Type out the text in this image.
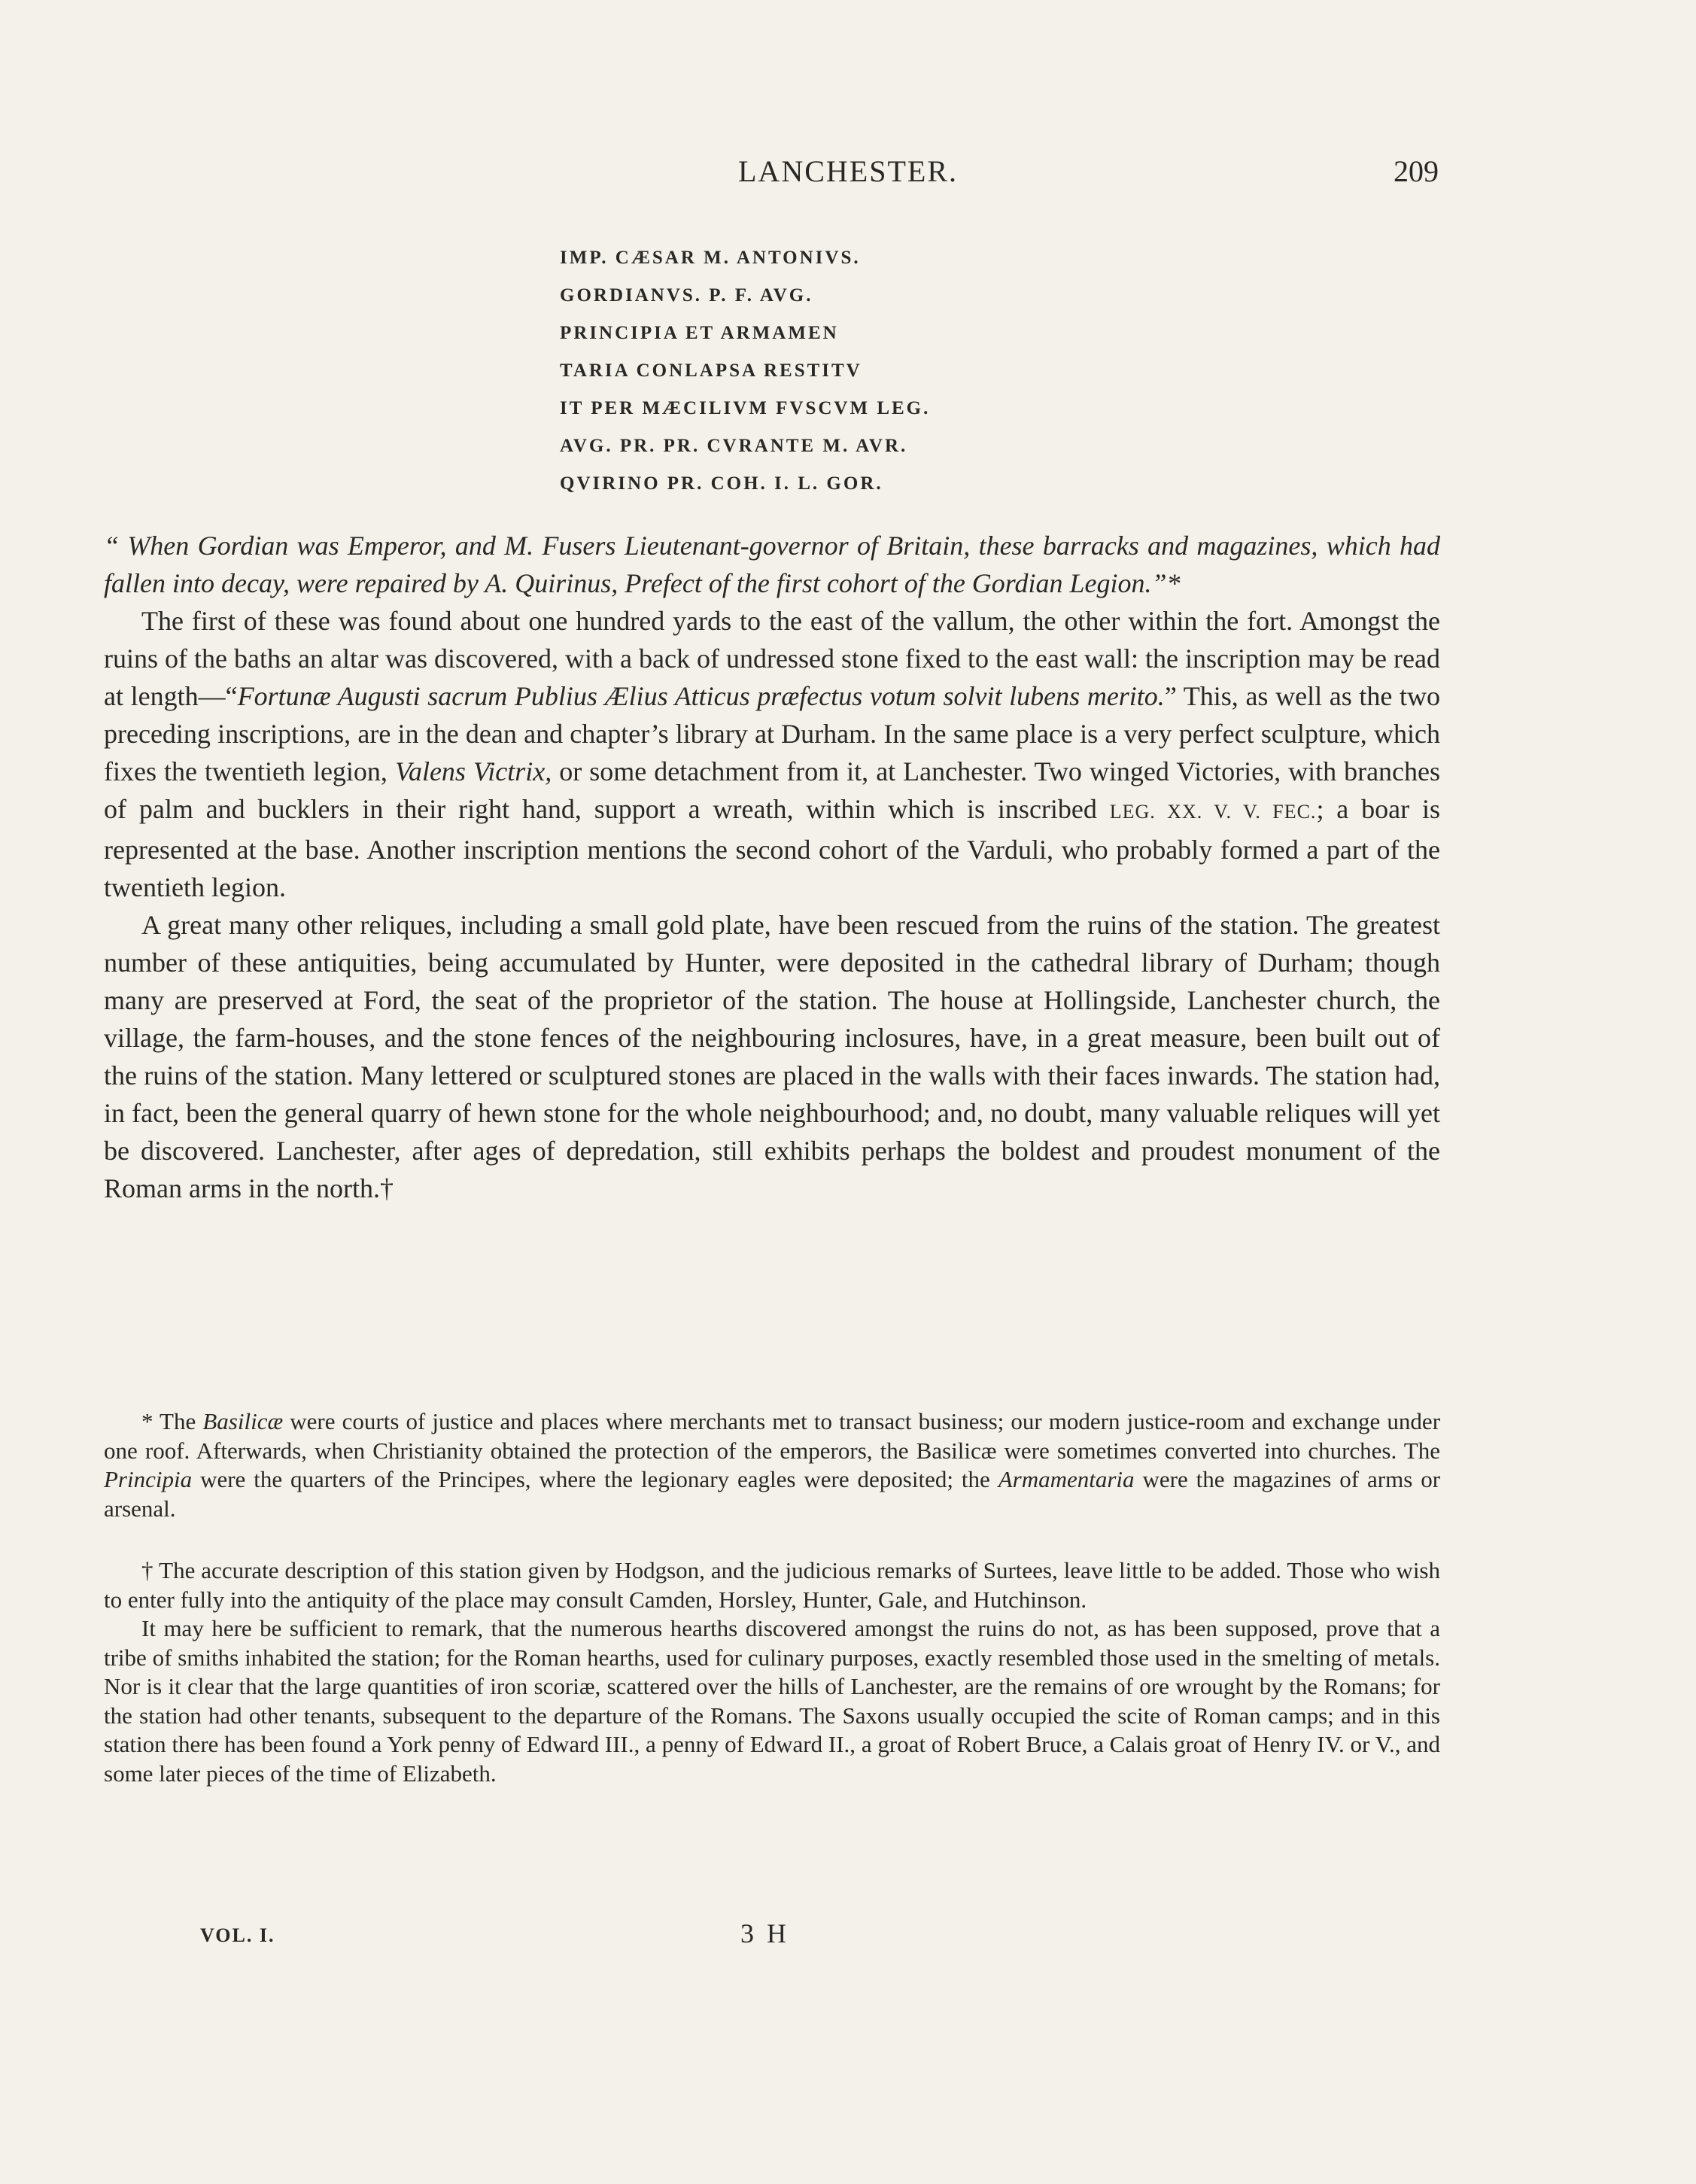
LANCHESTER.	209
IMP. CÆSAR M. ANTONIVS.
GORDIANVS. P. F. AVG.
PRINCIPIA ET ARMAMEN
TARIA CONLAPSA RESTITV
IT PER MÆCILIVM FVSCVM LEG.
AVG. PR. PR. CVRANTE M. AVR.
QVIRINO PR. COH. I. L. GOR.

“ When Gordian was Emperor, and M. Fusers Lieutenant-governor of Britain, these barracks and magazines, which had fallen into decay, were repaired by A. Quirinus, Prefect of the first cohort of the Gordian Legion.”*

The first of these was found about one hundred yards to the east of the vallum, the other within the fort. Amongst the ruins of the baths an altar was discovered, with a back of undressed stone fixed to the east wall: the inscription may be read at length—“Fortunæ Augusti sacrum Publius Ælius Atticus præfectus votum solvit lubens merito.” This, as well as the two preceding inscriptions, are in the dean and chapter’s library at Durham. In the same place is a very perfect sculpture, which fixes the twentieth legion, Valens Victrix, or some detachment from it, at Lanchester. Two winged Victories, with branches of palm and bucklers in their right hand, support a wreath, within which is inscribed LEG. XX. V. V. FEC.; a boar is represented at the base. Another inscription mentions the second cohort of the Varduli, who probably formed a part of the twentieth legion.

A great many other reliques, including a small gold plate, have been rescued from the ruins of the station. The greatest number of these antiquities, being accumulated by Hunter, were deposited in the cathedral library of Durham; though many are preserved at Ford, the seat of the proprietor of the station. The house at Hollingside, Lanchester church, the village, the farm-houses, and the stone fences of the neighbouring inclosures, have, in a great measure, been built out of the ruins of the station. Many lettered or sculptured stones are placed in the walls with their faces inwards. The station had, in fact, been the general quarry of hewn stone for the whole neighbourhood; and, no doubt, many valuable reliques will yet be discovered. Lanchester, after ages of depredation, still exhibits perhaps the boldest and proudest monument of the Roman arms in the north.†

* The Basilicæ were courts of justice and places where merchants met to transact business; our modern justice-room and exchange under one roof. Afterwards, when Christianity obtained the protection of the emperors, the Basilicæ were sometimes converted into churches. The Principia were the quarters of the Principes, where the legionary eagles were deposited; the Armamentaria were the magazines of arms or arsenal.

† The accurate description of this station given by Hodgson, and the judicious remarks of Surtees, leave little to be added. Those who wish to enter fully into the antiquity of the place may consult Camden, Horsley, Hunter, Gale, and Hutchinson.

It may here be sufficient to remark, that the numerous hearths discovered amongst the ruins do not, as has been supposed, prove that a tribe of smiths inhabited the station; for the Roman hearths, used for culinary purposes, exactly resembled those used in the smelting of metals. Nor is it clear that the large quantities of iron scoriæ, scattered over the hills of Lanchester, are the remains of ore wrought by the Romans; for the station had other tenants, subsequent to the departure of the Romans. The Saxons usually occupied the scite of Roman camps; and in this station there has been found a York penny of Edward III., a penny of Edward II., a groat of Robert Bruce, a Calais groat of Henry IV. or V., and some later pieces of the time of Elizabeth.

VOL. I.	3 H
